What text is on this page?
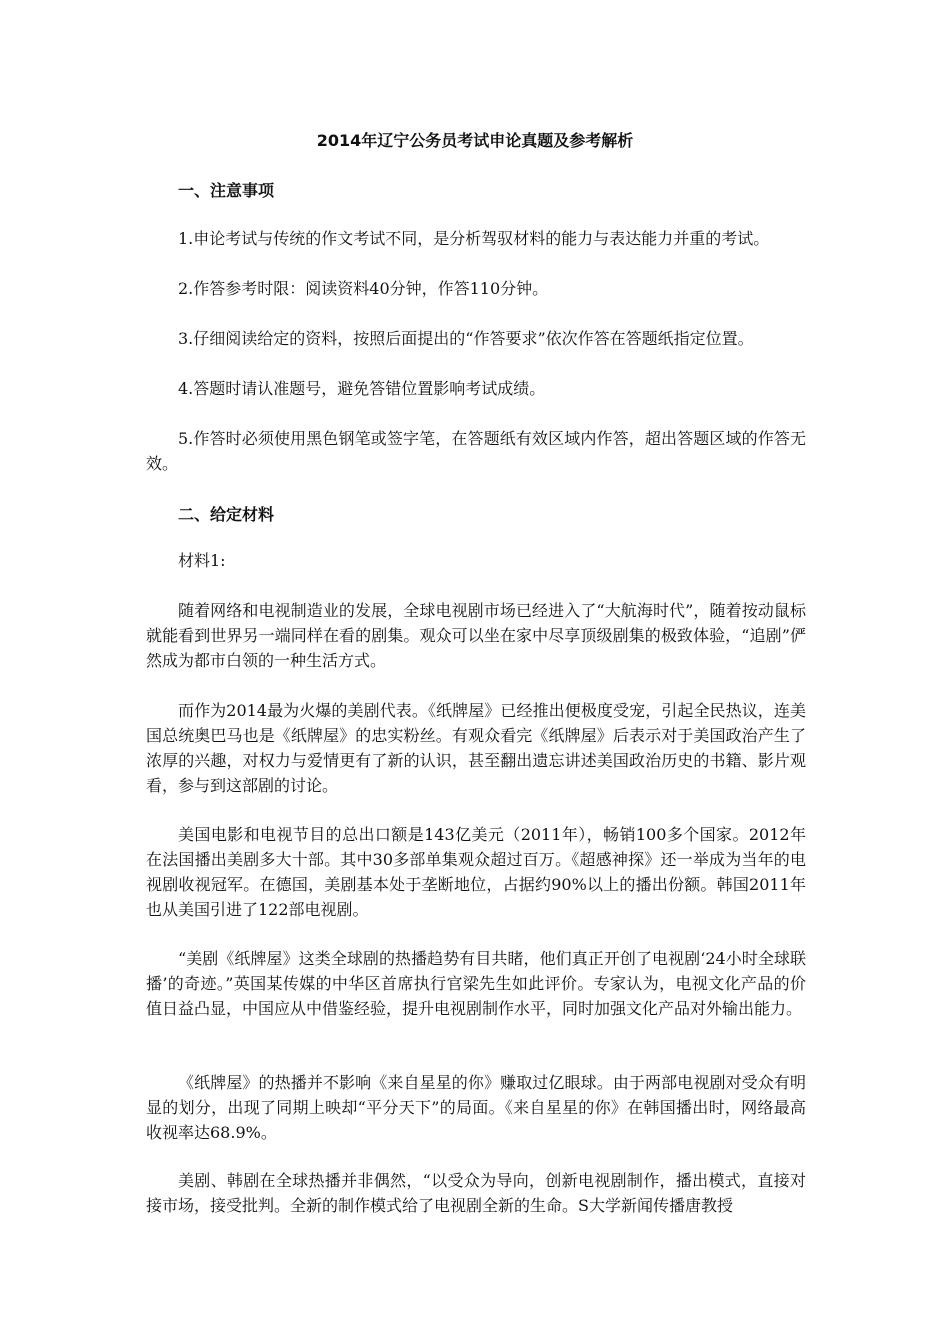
2014年辽宁公务员考试申论真题及参考解析
一、注意事项

1.申论考试与传统的作文考试不同，是分析驾驭材料的能力与表达能力并重的考试。

2.作答参考时限：阅读资料40分钟，作答110分钟。

3.仔细阅读给定的资料，按照后面提出的“作答要求”依次作答在答题纸指定位置。

4.答题时请认准题号，避免答错位置影响考试成绩。

5.作答时必须使用黑色钢笔或签字笔，在答题纸有效区域内作答，超出答题区域的作答无效。

二、给定材料

材料1:

随着网络和电视制造业的发展，全球电视剧市场已经进入了“大航海时代”，随着按动鼠标就能看到世界另一端同样在看的剧集。观众可以坐在家中尽享顶级剧集的极致体验，“追剧”俨然成为都市白领的一种生活方式。

而作为2014最为火爆的美剧代表。《纸牌屋》已经推出便极度受宠，引起全民热议，连美国总统奥巴马也是《纸牌屋》的忠实粉丝。有观众看完《纸牌屋》后表示对于美国政治产生了浓厚的兴趣，对权力与爱情更有了新的认识，甚至翻出遗忘讲述美国政治历史的书籍、影片观看，参与到这部剧的讨论。

美国电影和电视节目的总出口额是143亿美元（2011年），畅销100多个国家。2012年在法国播出美剧多大十部。其中30多部单集观众超过百万。《超感神探》还一举成为当年的电视剧收视冠军。在德国，美剧基本处于垄断地位，占据约90%以上的播出份额。韩国2011年也从美国引进了122部电视剧。

“美剧《纸牌屋》这类全球剧的热播趋势有目共睹，他们真正开创了电视剧‘24小时全球联播’的奇迹。”英国某传媒的中华区首席执行官梁先生如此评价。专家认为，电视文化产品的价值日益凸显，中国应从中借鉴经验，提升电视剧制作水平，同时加强文化产品对外输出能力。

《纸牌屋》的热播并不影响《来自星星的你》赚取过亿眼球。由于两部电视剧对受众有明显的划分，出现了同期上映却“平分天下”的局面。《来自星星的你》在韩国播出时，网络最高收视率达68.9%。

美剧、韩剧在全球热播并非偶然，“以受众为导向，创新电视剧制作，播出模式，直接对接市场，接受批判。全新的制作模式给了电视剧全新的生命。S大学新闻传播唐教授
